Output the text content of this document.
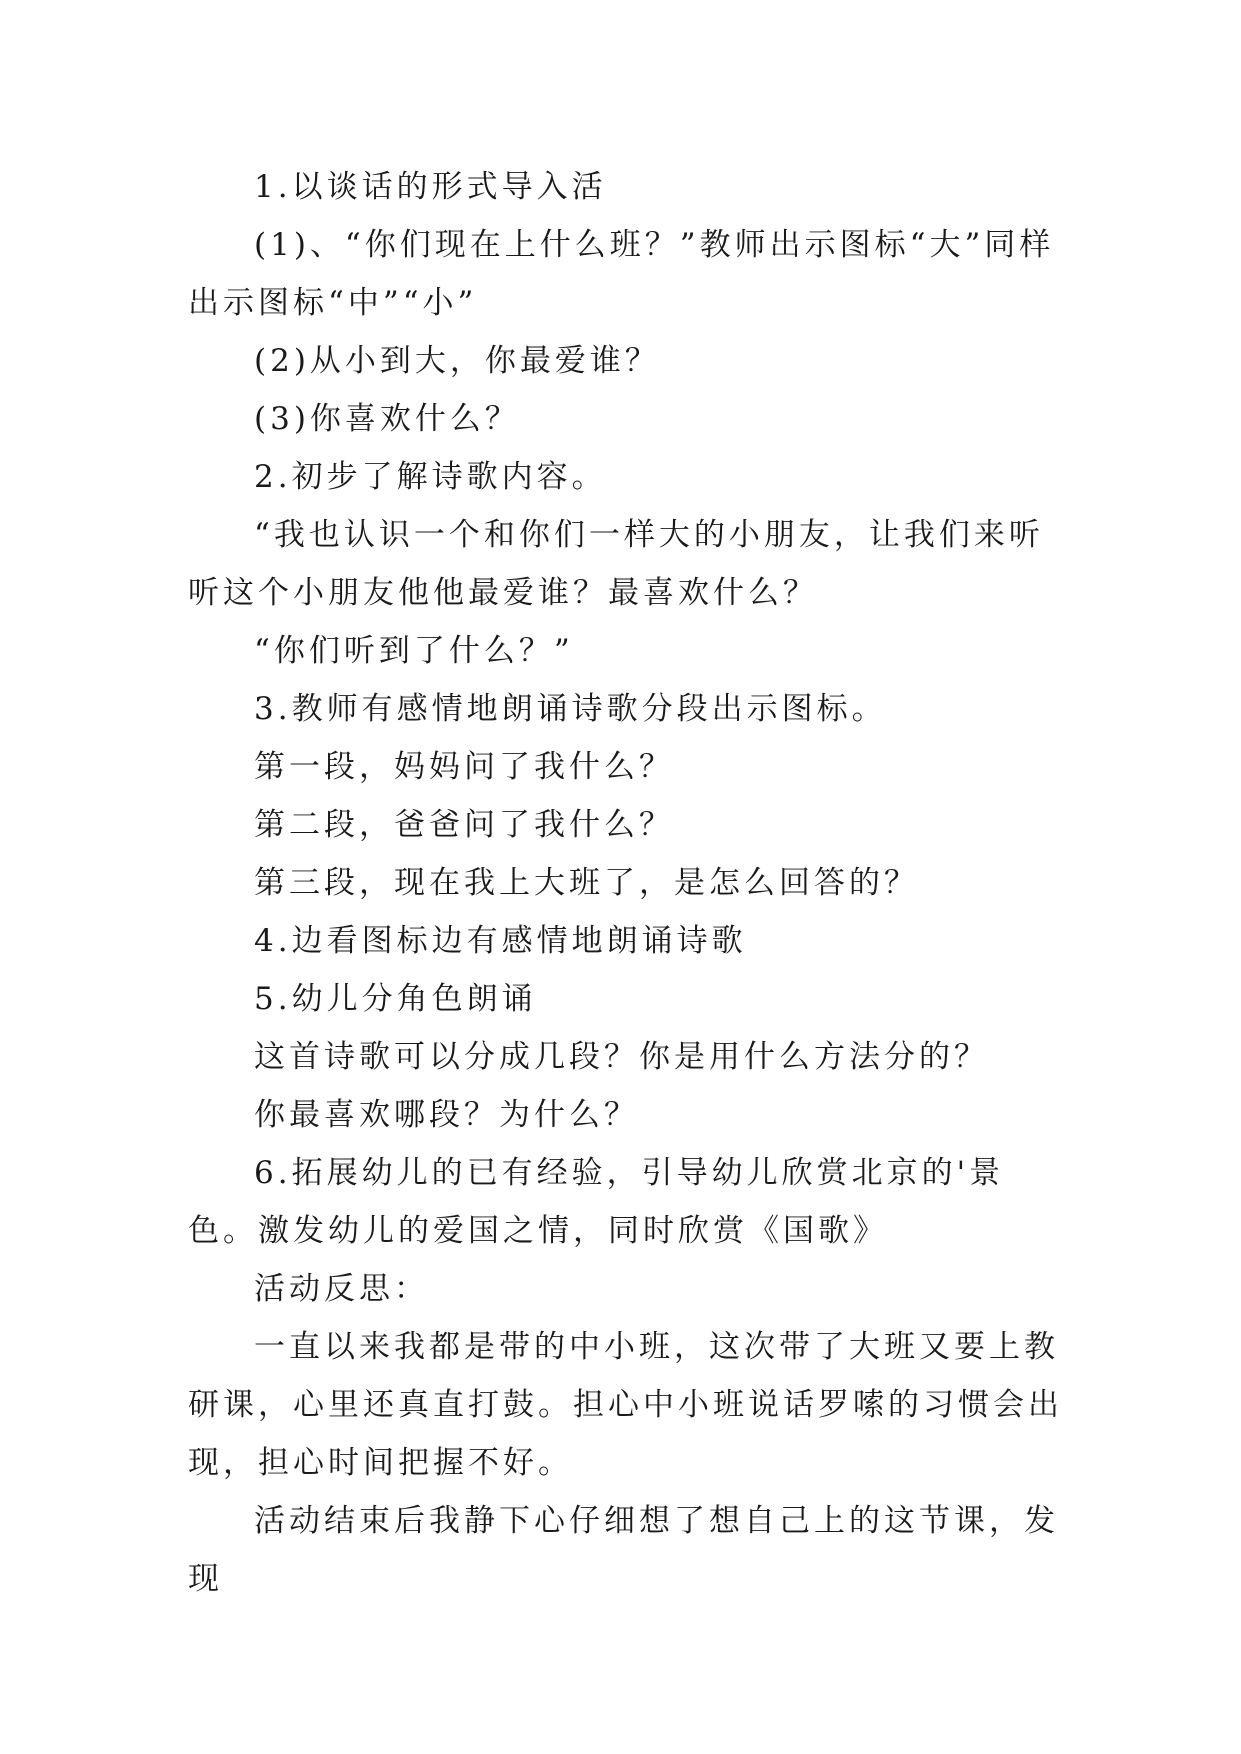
1.以谈话的形式导入活

(1)、“你们现在上什么班？”教师出示图标“大”同样出示图标“中”“小”

(2)从小到大，你最爱谁？

(3)你喜欢什么？

2.初步了解诗歌内容。

“我也认识一个和你们一样大的小朋友，让我们来听听这个小朋友他他最爱谁？最喜欢什么？

“你们听到了什么？”

3.教师有感情地朗诵诗歌分段出示图标。

第一段，妈妈问了我什么？

第二段，爸爸问了我什么？

第三段，现在我上大班了，是怎么回答的？

4.边看图标边有感情地朗诵诗歌

5.幼儿分角色朗诵

这首诗歌可以分成几段？你是用什么方法分的？

你最喜欢哪段？为什么？

6.拓展幼儿的已有经验，引导幼儿欣赏北京的'景色。激发幼儿的爱国之情，同时欣赏《国歌》

活动反思：

一直以来我都是带的中小班，这次带了大班又要上教研课，心里还真直打鼓。担心中小班说话罗嗦的习惯会出现，担心时间把握不好。

活动结束后我静下心仔细想了想自己上的这节课，发现
